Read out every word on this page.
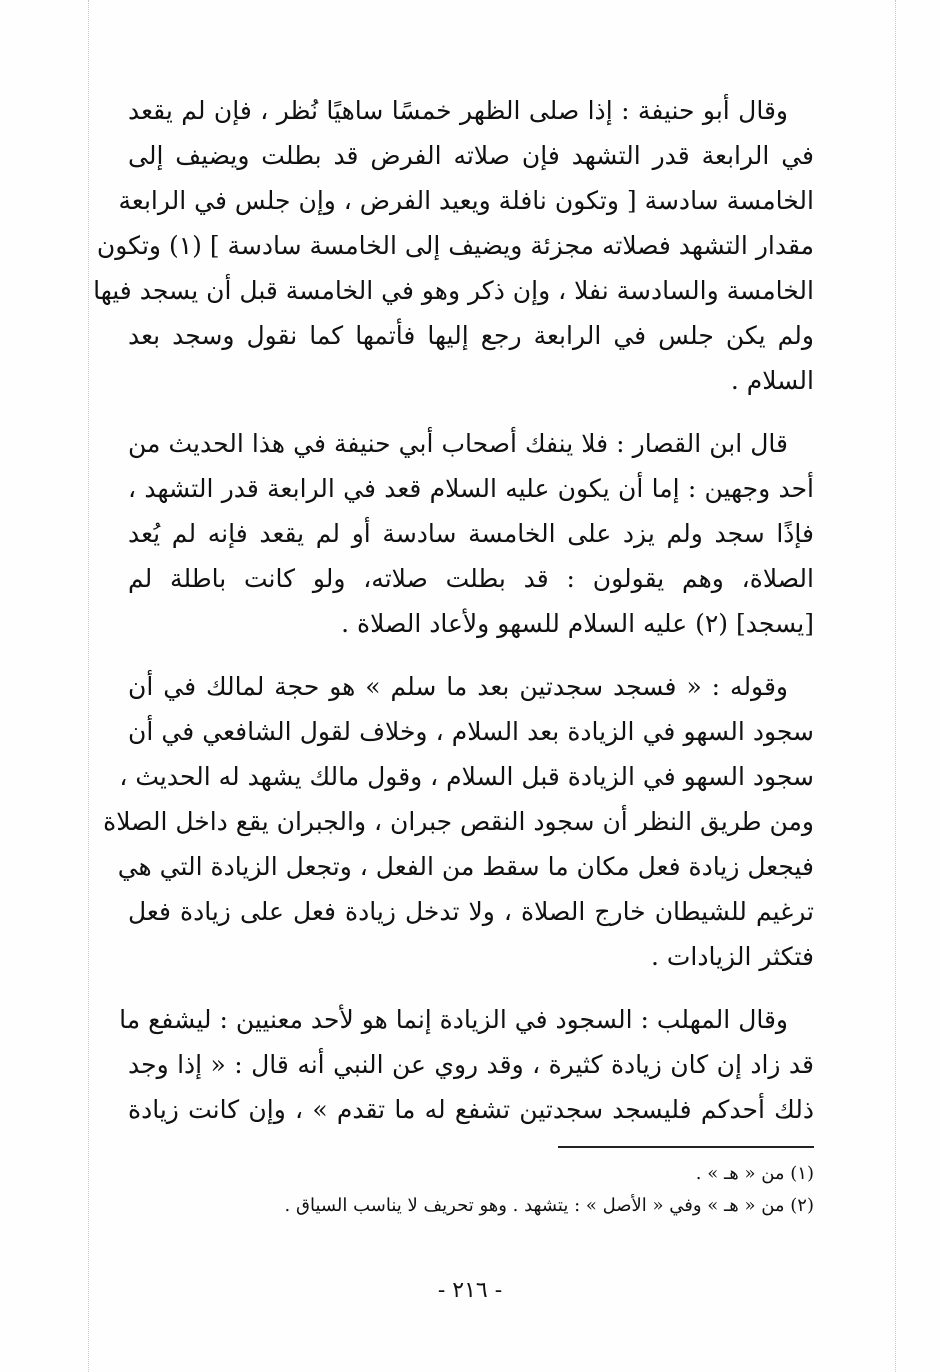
وقال أبو حنيفة : إذا صلى الظهر خمسًا ساهيًا نُظر ، فإن لم يقعد
في الرابعة قدر التشهد فإن صلاته الفرض قد بطلت ويضيف إلى
الخامسة سادسة [ وتكون نافلة ويعيد الفرض ، وإن جلس في الرابعة
مقدار التشهد فصلاته مجزئة ويضيف إلى الخامسة سادسة ] (١) وتكون
الخامسة والسادسة نفلا ، وإن ذكر وهو في الخامسة قبل أن يسجد فيها
ولم يكن جلس في الرابعة رجع إليها فأتمها كما نقول وسجد بعد
السلام .
قال ابن القصار : فلا ينفك أصحاب أبي حنيفة في هذا الحديث من
أحد وجهين : إما أن يكون عليه السلام قعد في الرابعة قدر التشهد ،
فإذًا سجد ولم يزد على الخامسة سادسة أو لم يقعد فإنه لم يُعد
الصلاة، وهم يقولون : قد بطلت صلاته، ولو كانت باطلة لم
[يسجد] (٢) عليه السلام للسهو ولأعاد الصلاة .
وقوله : « فسجد سجدتين بعد ما سلم » هو حجة لمالك في أن
سجود السهو في الزيادة بعد السلام ، وخلاف لقول الشافعي في أن
سجود السهو في الزيادة قبل السلام ، وقول مالك يشهد له الحديث ،
ومن طريق النظر أن سجود النقص جبران ، والجبران يقع داخل الصلاة
فيجعل زيادة فعل مكان ما سقط من الفعل ، وتجعل الزيادة التي هي
ترغيم للشيطان خارج الصلاة ، ولا تدخل زيادة فعل على زيادة فعل
فتكثر الزيادات .
وقال المهلب : السجود في الزيادة إنما هو لأحد معنيين : ليشفع ما
قد زاد إن كان زيادة كثيرة ، وقد روي عن النبي أنه قال : « إذا وجد
ذلك أحدكم فليسجد سجدتين تشفع له ما تقدم » ، وإن كانت زيادة
(١) من « هـ » .
(٢) من « هـ » وفي « الأصل » : يتشهد . وهو تحريف لا يناسب السياق .
- ٢١٦ -
